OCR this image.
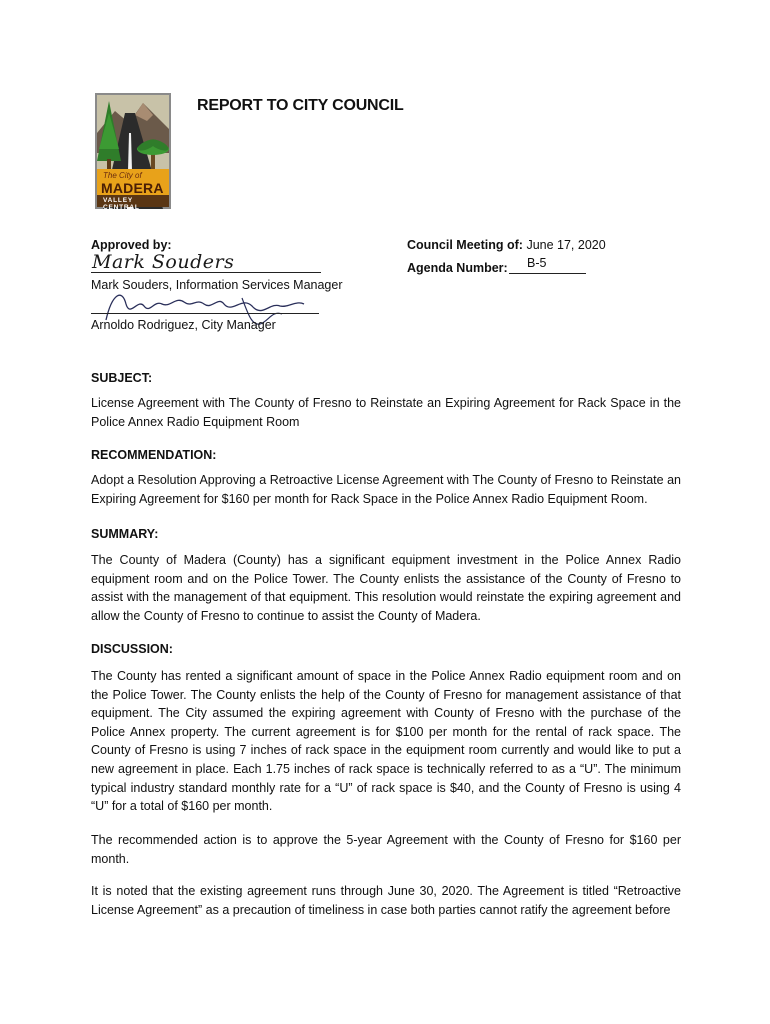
The City of
MADERA
VALLEY CENTRAL
REPORT TO CITY COUNCIL
Approved by:
Mark Souders
Mark Souders, Information Services Manager
Arnoldo Rodriguez, City Manager
Council Meeting of: June 17, 2020
Agenda Number: B-5
SUBJECT:
License Agreement with The County of Fresno to Reinstate an Expiring Agreement for Rack Space in the Police Annex Radio Equipment Room
RECOMMENDATION:
Adopt a Resolution Approving a Retroactive License Agreement with The County of Fresno to Reinstate an Expiring Agreement for $160 per month for Rack Space in the Police Annex Radio Equipment Room.
SUMMARY:
The County of Madera (County) has a significant equipment investment in the Police Annex Radio equipment room and on the Police Tower. The County enlists the assistance of the County of Fresno to assist with the management of that equipment. This resolution would reinstate the expiring agreement and allow the County of Fresno to continue to assist the County of Madera.
DISCUSSION:
The County has rented a significant amount of space in the Police Annex Radio equipment room and on the Police Tower. The County enlists the help of the County of Fresno for management assistance of that equipment. The City assumed the expiring agreement with County of Fresno with the purchase of the Police Annex property. The current agreement is for $100 per month for the rental of rack space. The County of Fresno is using 7 inches of rack space in the equipment room currently and would like to put a new agreement in place. Each 1.75 inches of rack space is technically referred to as a “U”. The minimum typical industry standard monthly rate for a “U” of rack space is $40, and the County of Fresno is using 4 “U” for a total of $160 per month.
The recommended action is to approve the 5-year Agreement with the County of Fresno for $160 per month.
It is noted that the existing agreement runs through June 30, 2020. The Agreement is titled “Retroactive License Agreement” as a precaution of timeliness in case both parties cannot ratify the agreement before
